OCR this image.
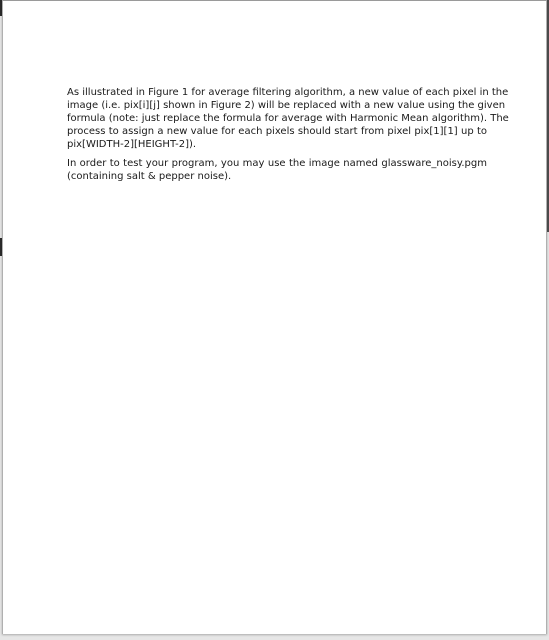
As illustrated in Figure 1 for average filtering algorithm, a new value of each pixel in the
image (i.e. pix[i][j] shown in Figure 2) will be replaced with a new value using the given
formula (note: just replace the formula for average with Harmonic Mean algorithm). The
process to assign a new value for each pixels should start from pixel pix[1][1] up to
pix[WIDTH-2][HEIGHT-2]).

In order to test your program, you may use the image named glassware_noisy.pgm
(containing salt & pepper noise).
